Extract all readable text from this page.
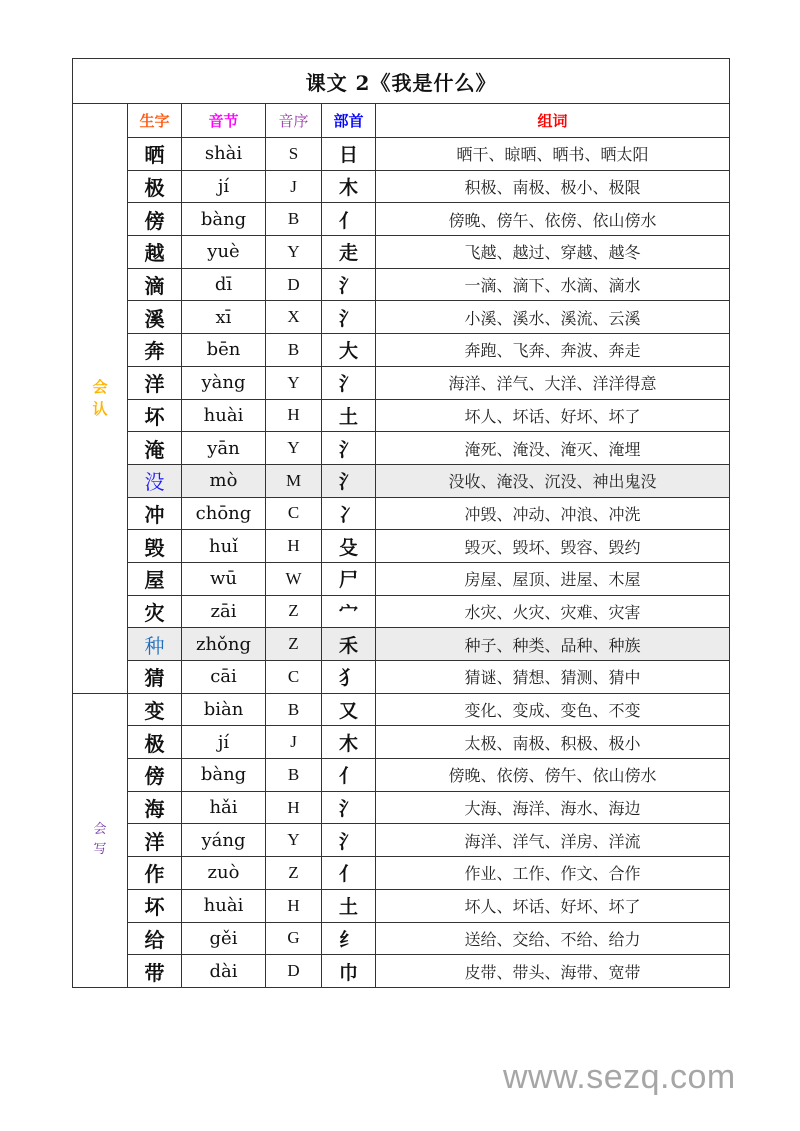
课文 2《我是什么》					

会
认	生字	音节	音序	部首	组词
	晒	shài	S	日	晒干、晾晒、晒书、晒太阳
	极	jí	J	木	积极、南极、极小、极限
	傍	bàng	B	亻	傍晚、傍午、依傍、依山傍水
	越	yuè	Y	走	飞越、越过、穿越、越冬
	滴	dī	D	氵	一滴、滴下、水滴、滴水
	溪	xī	X	氵	小溪、溪水、溪流、云溪
	奔	bēn	B	大	奔跑、飞奔、奔波、奔走
	洋	yàng	Y	氵	海洋、洋气、大洋、洋洋得意
	坏	huài	H	土	坏人、坏话、好坏、坏了
	淹	yān	Y	氵	淹死、淹没、淹灭、淹埋
	没	mò	M	氵	没收、淹没、沉没、神出鬼没
	冲	chōng	C	冫	冲毁、冲动、冲浪、冲洗
	毁	huǐ	H	殳	毁灭、毁坏、毁容、毁约
	屋	wū	W	尸	房屋、屋顶、进屋、木屋
	灾	zāi	Z	宀	水灾、火灾、灾难、灾害
	种	zhǒng	Z	禾	种子、种类、品种、种族
	猜	cāi	C	犭	猜谜、猜想、猜测、猜中

会
写	变	biàn	B	又	变化、变成、变色、不变
	极	jí	J	木	太极、南极、积极、极小
	傍	bàng	B	亻	傍晚、依傍、傍午、依山傍水
	海	hǎi	H	氵	大海、海洋、海水、海边
	洋	yáng	Y	氵	海洋、洋气、洋房、洋流
	作	zuò	Z	亻	作业、工作、作文、合作
	坏	huài	H	土	坏人、坏话、好坏、坏了
	给	gěi	G	纟	送给、交给、不给、给力
	带	dài	D	巾	皮带、带头、海带、宽带
www.sezq.com
